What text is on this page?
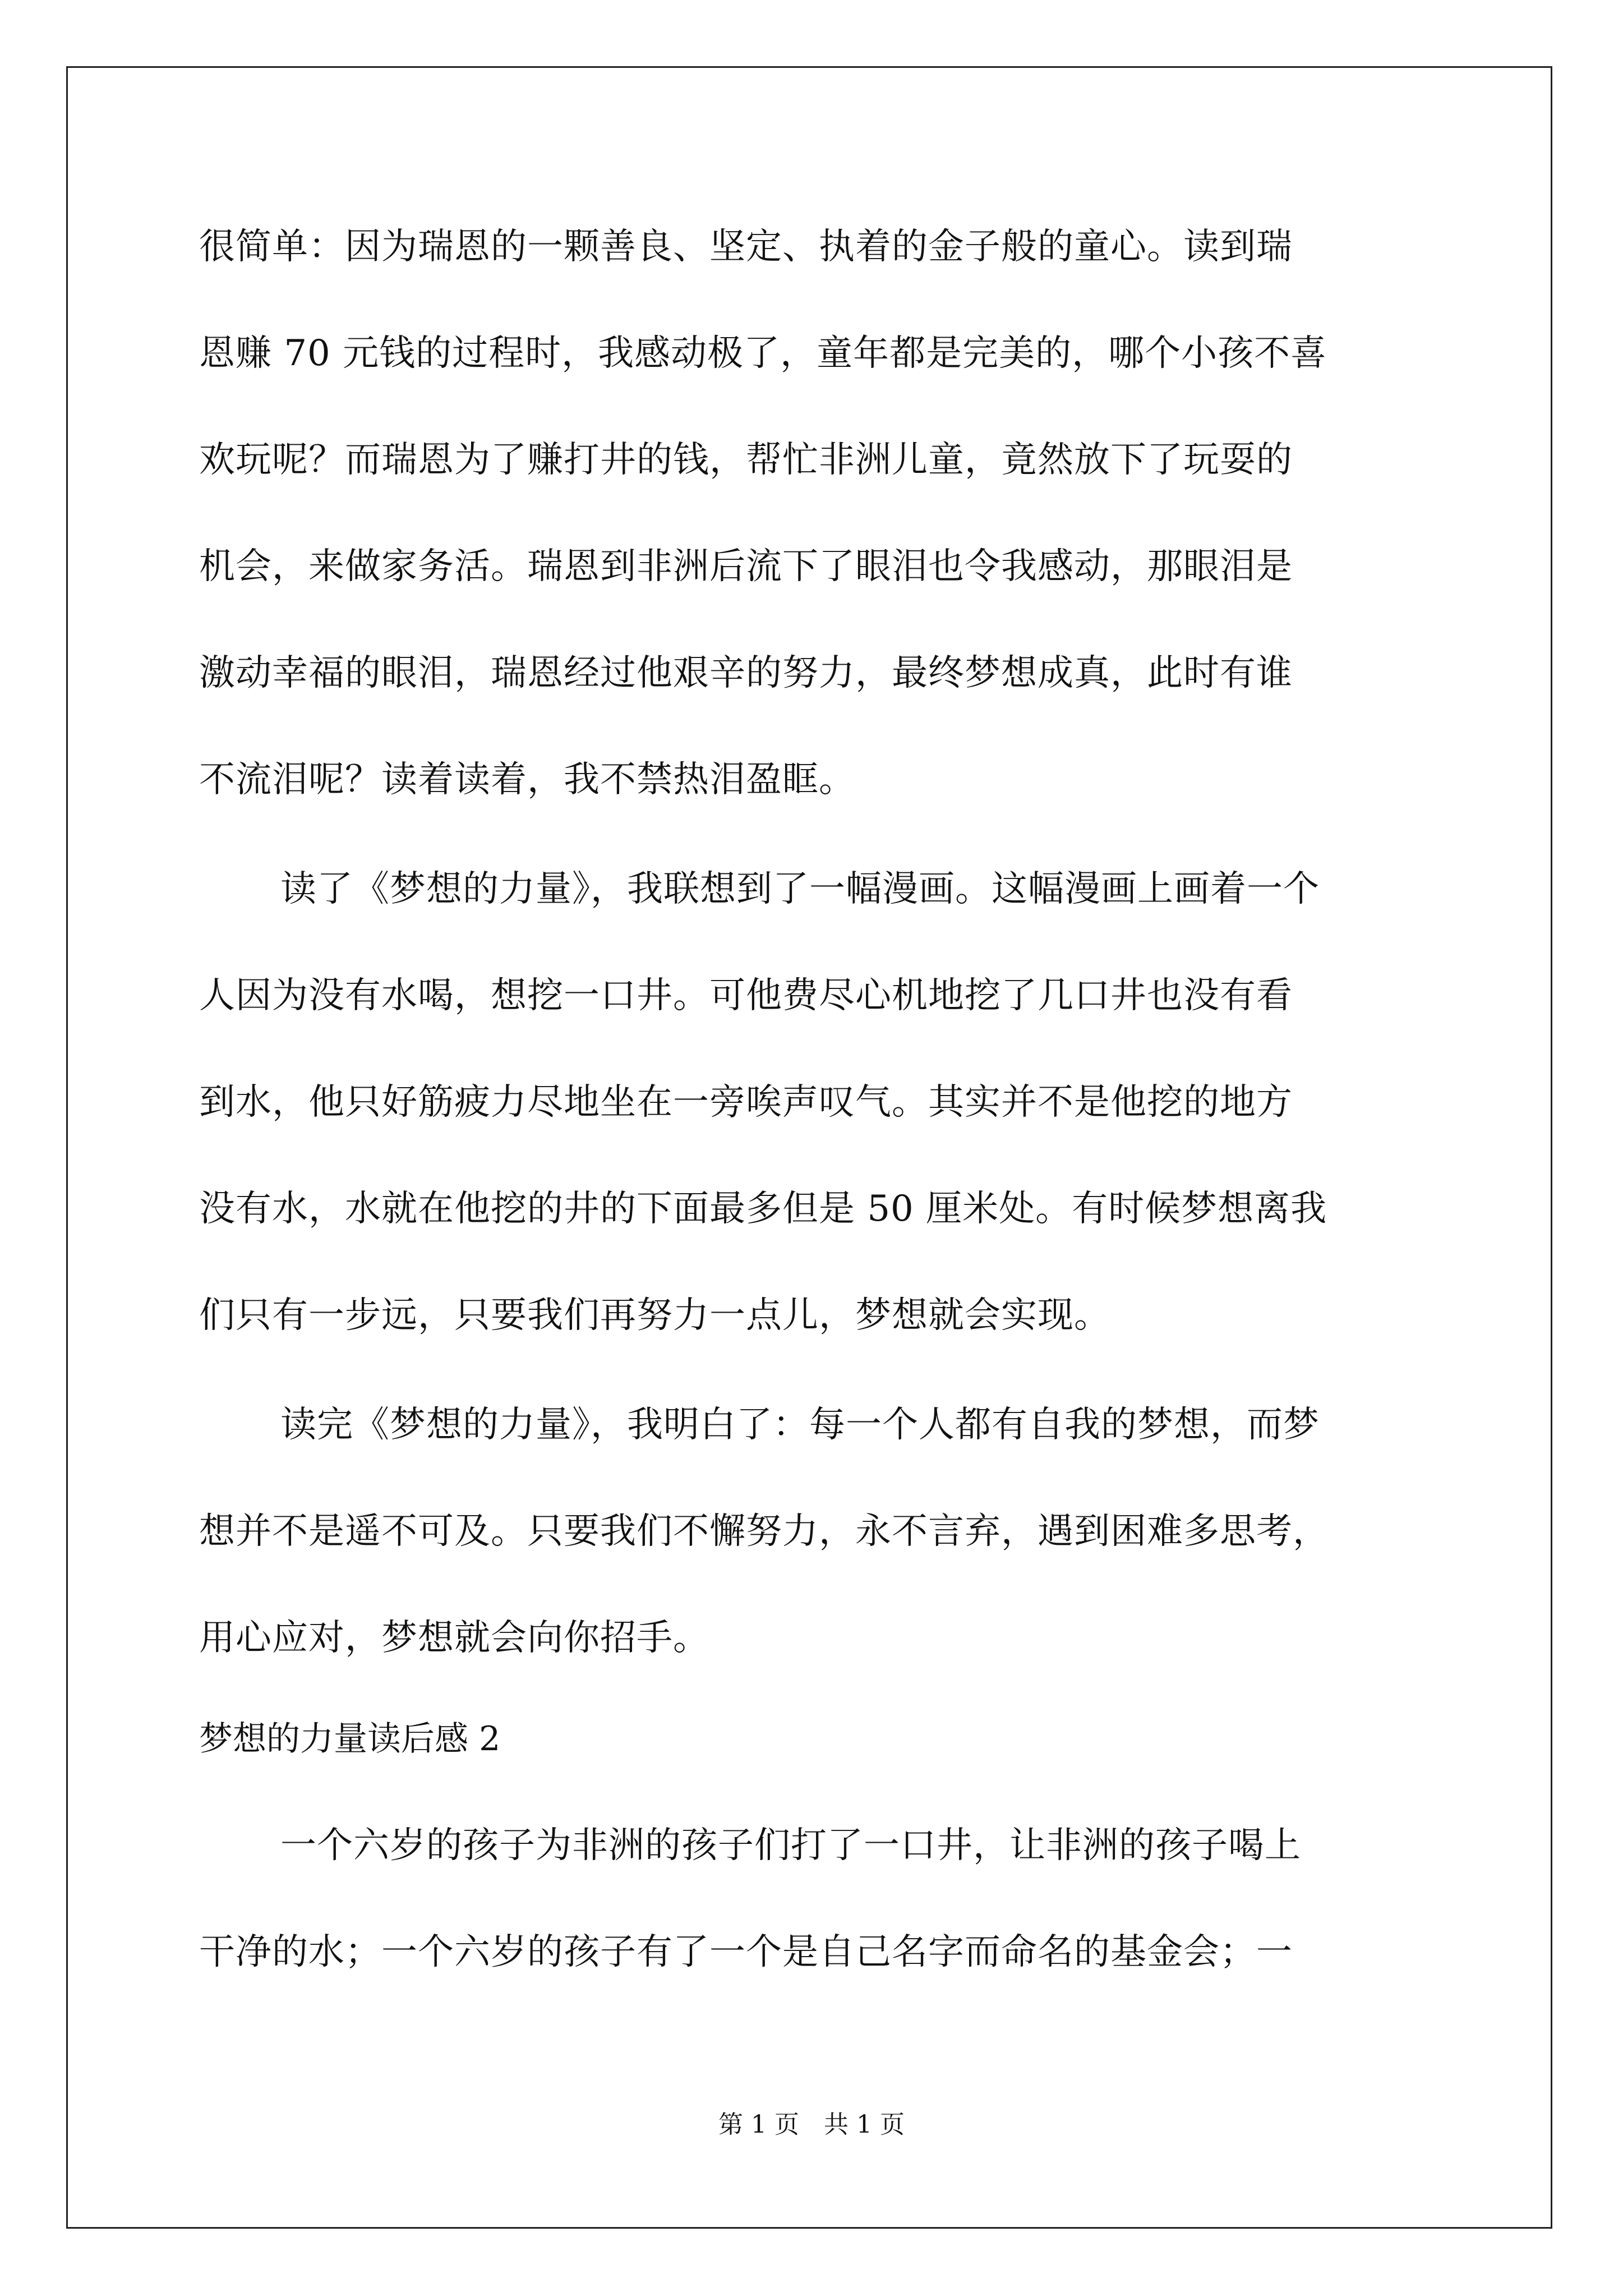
很简单：因为瑞恩的一颗善良、坚定、执着的金子般的童心。读到瑞
恩赚 70 元钱的过程时，我感动极了，童年都是完美的，哪个小孩不喜
欢玩呢？而瑞恩为了赚打井的钱，帮忙非洲儿童，竟然放下了玩耍的
机会，来做家务活。瑞恩到非洲后流下了眼泪也令我感动，那眼泪是
激动幸福的眼泪，瑞恩经过他艰辛的努力，最终梦想成真，此时有谁
不流泪呢？读着读着，我不禁热泪盈眶。
读了《梦想的力量》，我联想到了一幅漫画。这幅漫画上画着一个
人因为没有水喝，想挖一口井。可他费尽心机地挖了几口井也没有看
到水，他只好筋疲力尽地坐在一旁唉声叹气。其实并不是他挖的地方
没有水，水就在他挖的井的下面最多但是 50 厘米处。有时候梦想离我
们只有一步远，只要我们再努力一点儿，梦想就会实现。
读完《梦想的力量》，我明白了：每一个人都有自我的梦想，而梦
想并不是遥不可及。只要我们不懈努力，永不言弃，遇到困难多思考，
用心应对，梦想就会向你招手。
梦想的力量读后感 2
一个六岁的孩子为非洲的孩子们打了一口井，让非洲的孩子喝上
干净的水；一个六岁的孩子有了一个是自己名字而命名的基金会；一
第 1 页　共 1 页
